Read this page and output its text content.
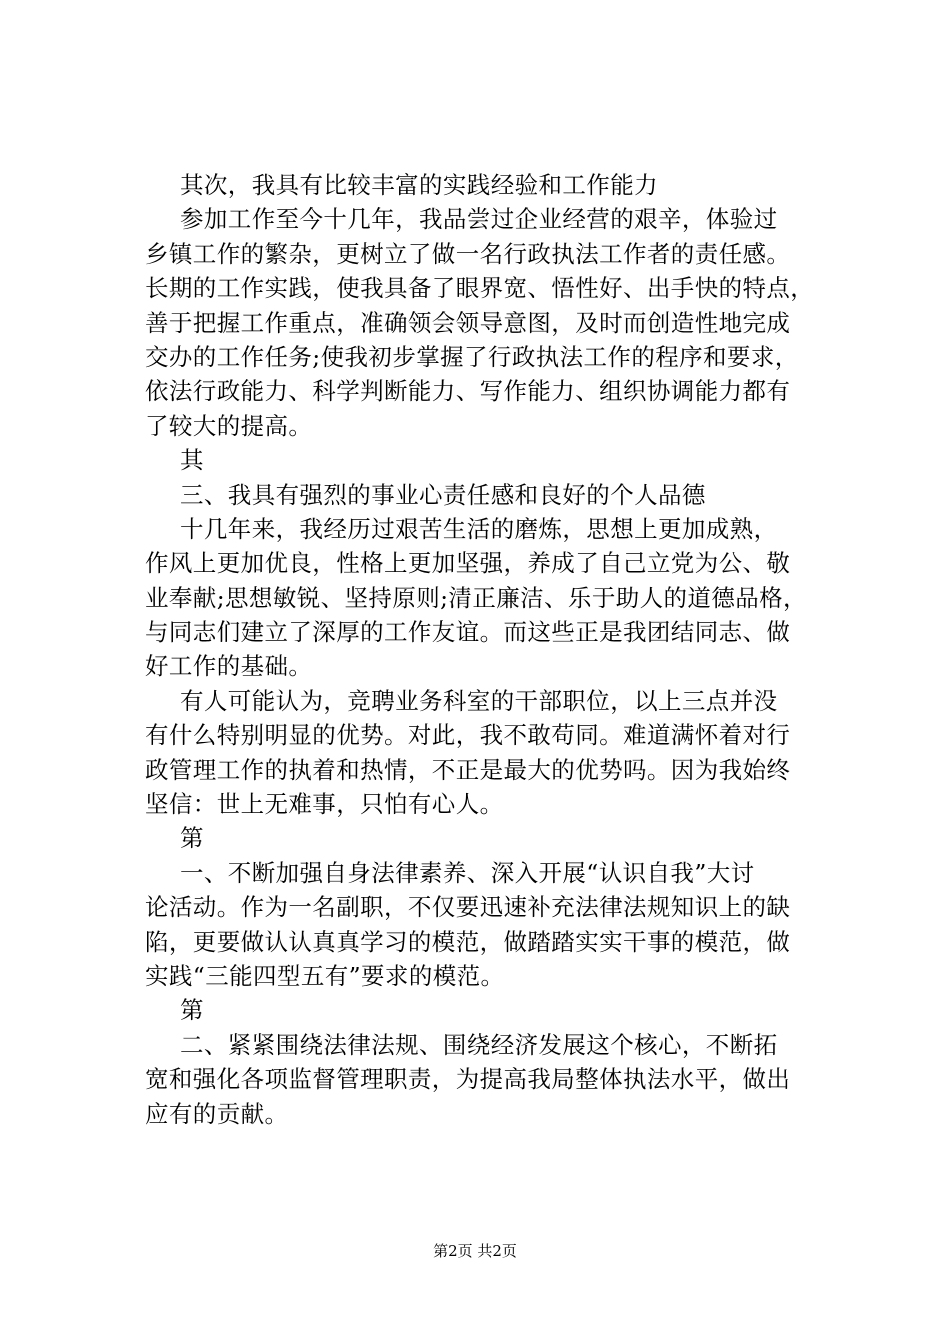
其次，我具有比较丰富的实践经验和工作能力
参加工作至今十几年，我品尝过企业经营的艰辛，体验过
乡镇工作的繁杂，更树立了做一名行政执法工作者的责任感。
长期的工作实践，使我具备了眼界宽、悟性好、出手快的特点，
善于把握工作重点，准确领会领导意图，及时而创造性地完成
交办的工作任务;使我初步掌握了行政执法工作的程序和要求，
依法行政能力、科学判断能力、写作能力、组织协调能力都有
了较大的提高。
其
三、我具有强烈的事业心责任感和良好的个人品德
十几年来，我经历过艰苦生活的磨炼，思想上更加成熟，
作风上更加优良，性格上更加坚强，养成了自己立党为公、敬
业奉献;思想敏锐、坚持原则;清正廉洁、乐于助人的道德品格，
与同志们建立了深厚的工作友谊。而这些正是我团结同志、做
好工作的基础。
有人可能认为，竞聘业务科室的干部职位，以上三点并没
有什么特别明显的优势。对此，我不敢苟同。难道满怀着对行
政管理工作的执着和热情，不正是最大的优势吗。因为我始终
坚信：世上无难事，只怕有心人。
第
一、不断加强自身法律素养、深入开展“认识自我”大讨
论活动。作为一名副职，不仅要迅速补充法律法规知识上的缺
陷，更要做认认真真学习的模范，做踏踏实实干事的模范，做
实践“三能四型五有”要求的模范。
第
二、紧紧围绕法律法规、围绕经济发展这个核心，不断拓
宽和强化各项监督管理职责，为提高我局整体执法水平，做出
应有的贡献。
第2页 共2页
